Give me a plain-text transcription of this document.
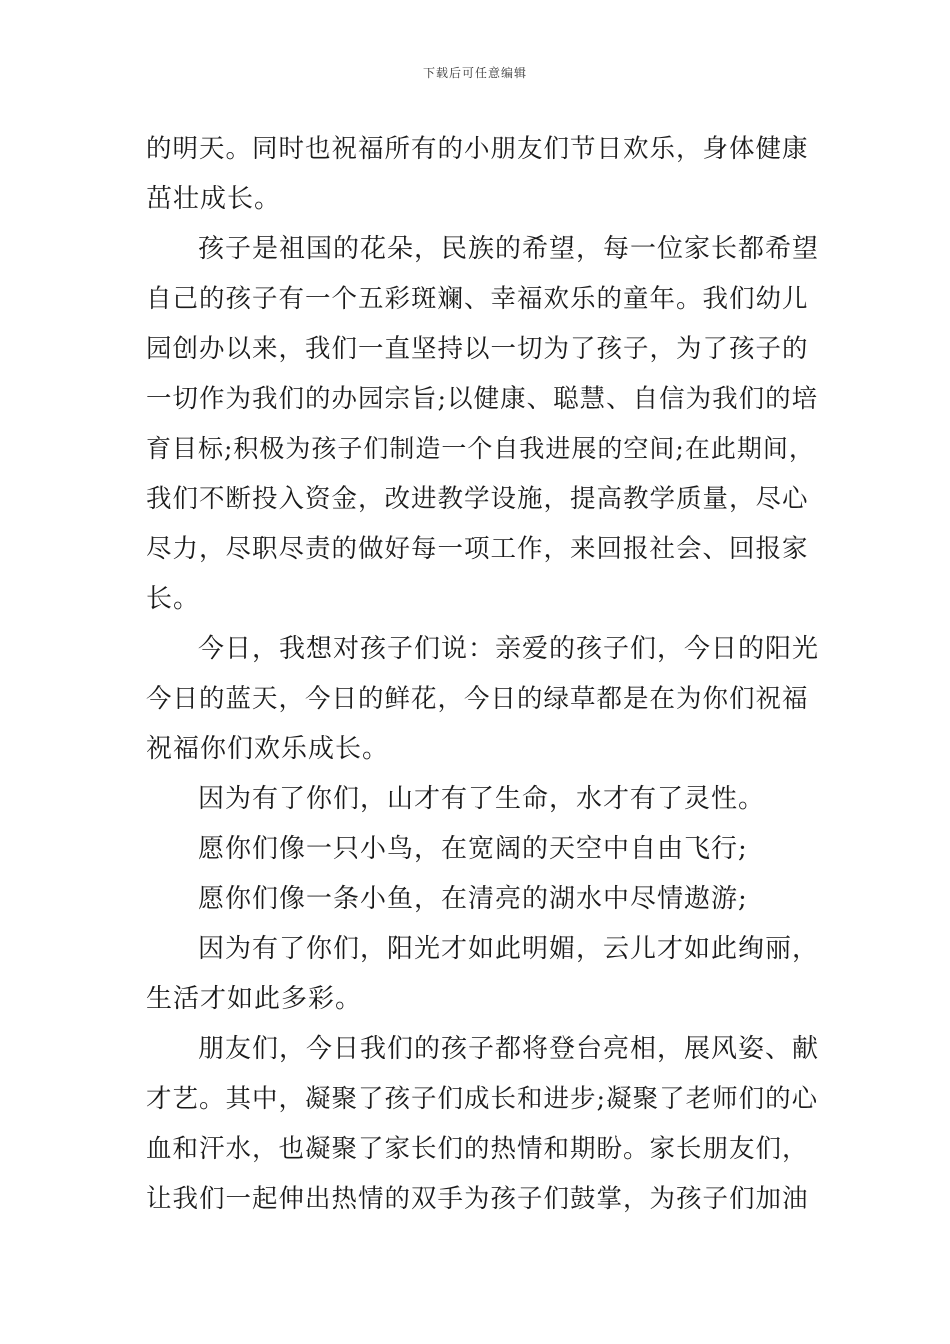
下载后可任意编辑
的明天。同时也祝福所有的小朋友们节日欢乐，身体健康
茁壮成长。
孩子是祖国的花朵，民族的希望，每一位家长都希望
自己的孩子有一个五彩斑斓、幸福欢乐的童年。我们幼儿
园创办以来，我们一直坚持以一切为了孩子，为了孩子的
一切作为我们的办园宗旨;以健康、聪慧、自信为我们的培
育目标;积极为孩子们制造一个自我进展的空间;在此期间，
我们不断投入资金，改进教学设施，提高教学质量，尽心
尽力，尽职尽责的做好每一项工作，来回报社会、回报家
长。
今日，我想对孩子们说：亲爱的孩子们，今日的阳光
今日的蓝天，今日的鲜花，今日的绿草都是在为你们祝福
祝福你们欢乐成长。
因为有了你们，山才有了生命，水才有了灵性。
愿你们像一只小鸟，在宽阔的天空中自由飞行;
愿你们像一条小鱼，在清亮的湖水中尽情遨游;
因为有了你们，阳光才如此明媚，云儿才如此绚丽，
生活才如此多彩。
朋友们，今日我们的孩子都将登台亮相，展风姿、献
才艺。其中，凝聚了孩子们成长和进步;凝聚了老师们的心
血和汗水，也凝聚了家长们的热情和期盼。家长朋友们，
让我们一起伸出热情的双手为孩子们鼓掌，为孩子们加油
